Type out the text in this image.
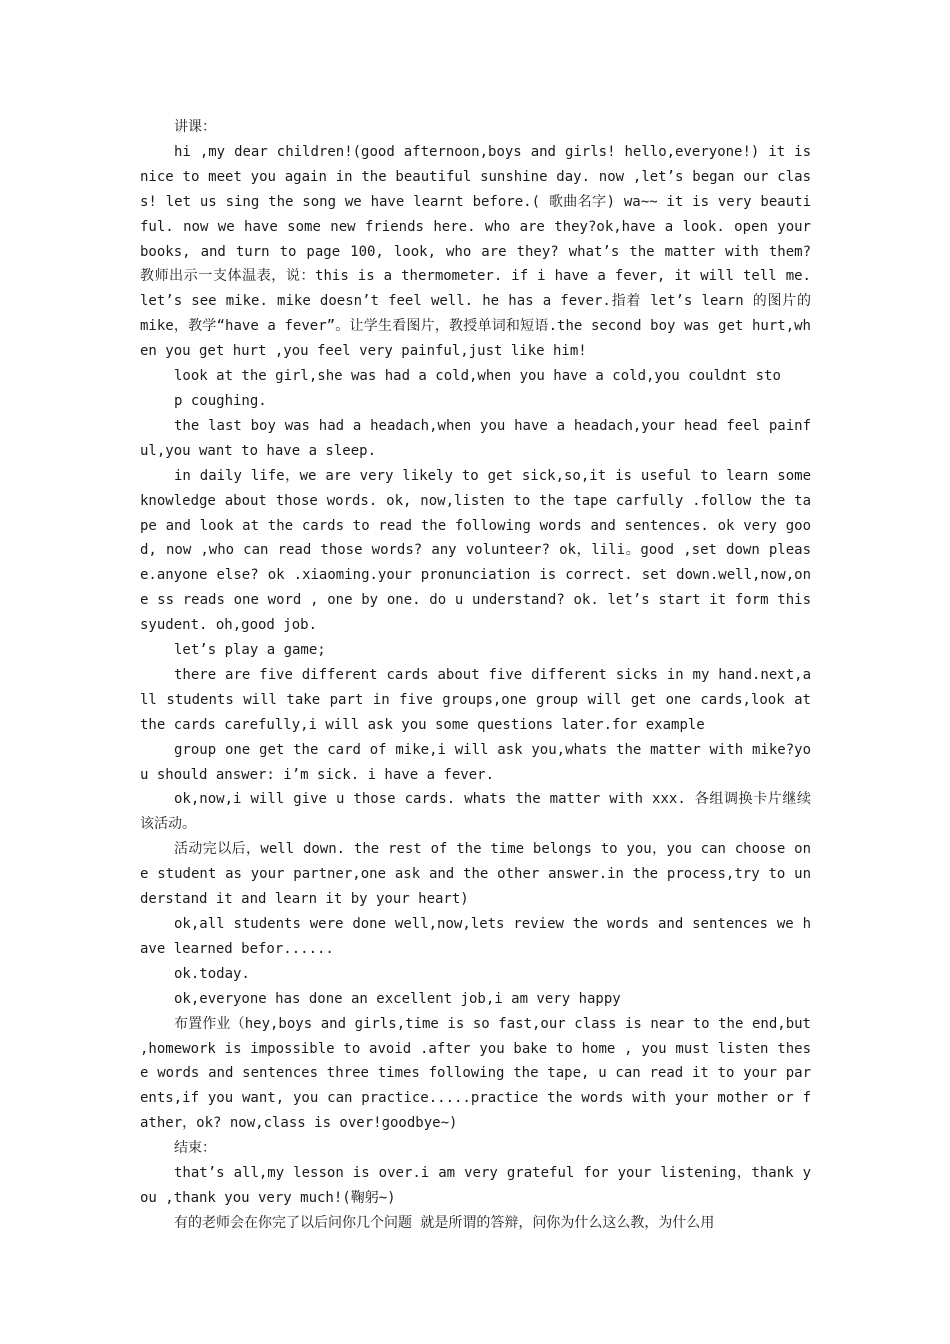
讲课：

hi ,my dear children!(good afternoon,boys and girls! hello,everyone!) it is nice to meet you again in the beautiful sunshine day. now ,let’s began our class! let us sing the song we have learnt before.( 歌曲名字) wa~~ it is very beautiful. now we have some new friends here. who are they?ok,have a look. open your books, and turn to page 100, look, who are they? what’s the matter with them? 教师出示一支体温表，说：this is a thermometer. if i have a fever, it will tell me. let’s see mike. mike doesn’t feel well. he has a fever.指着 let’s learn 的图片的 mike，教学“have a fever”。让学生看图片，教授单词和短语.the second boy was get hurt,when you get hurt ,you feel very painful,just like him!

look at the girl,she was had a cold,when you have a cold,you couldnt sto

p coughing.

the last boy was had a headach,when you have a headach,your head feel painful,you want to have a sleep.

in daily life，we are very likely to get sick,so,it is useful to learn some knowledge about those words. ok, now,listen to the tape carfully .follow the tape and look at the cards to read the following words and sentences. ok very good, now ,who can read those words? any volunteer? ok，lili。good ,set down please.anyone else? ok .xiaoming.your pronunciation is correct. set down.well,now,one ss reads one word , one by one. do u understand? ok. let’s start it form this syudent. oh,good job.

let’s play a game;

there are five different cards about five different sicks in my hand.next,all students will take part in five groups,one group will get one cards,look at the cards carefully,i will ask you some questions later.for example

group one get the card of mike,i will ask you,whats the matter with mike?you should answer: i’m sick. i have a fever.

ok,now,i will give u those cards. whats the matter with xxx. 各组调换卡片继续该活动。

活动完以后，well down. the rest of the time belongs to you，you can choose one student as your partner,one ask and the other answer.in the process,try to understand it and learn it by your heart)

ok,all students were done well,now,lets review the words and sentences we have learned befor......

ok.today.

ok,everyone has done an excellent job,i am very happy

布置作业（hey,boys and girls,time is so fast,our class is near to the end,but ,homework is impossible to avoid .after you bake to home , you must listen these words and sentences three times following the tape, u can read it to your parents,if you want, you can practice.....practice the words with your mother or father，ok? now,class is over!goodbye~)

结束：

that’s all,my lesson is over.i am very grateful for your listening，thank you ,thank you very much!(鞠躬~)

有的老师会在你完了以后问你几个问题 就是所谓的答辩，问你为什么这么教，为什么用
